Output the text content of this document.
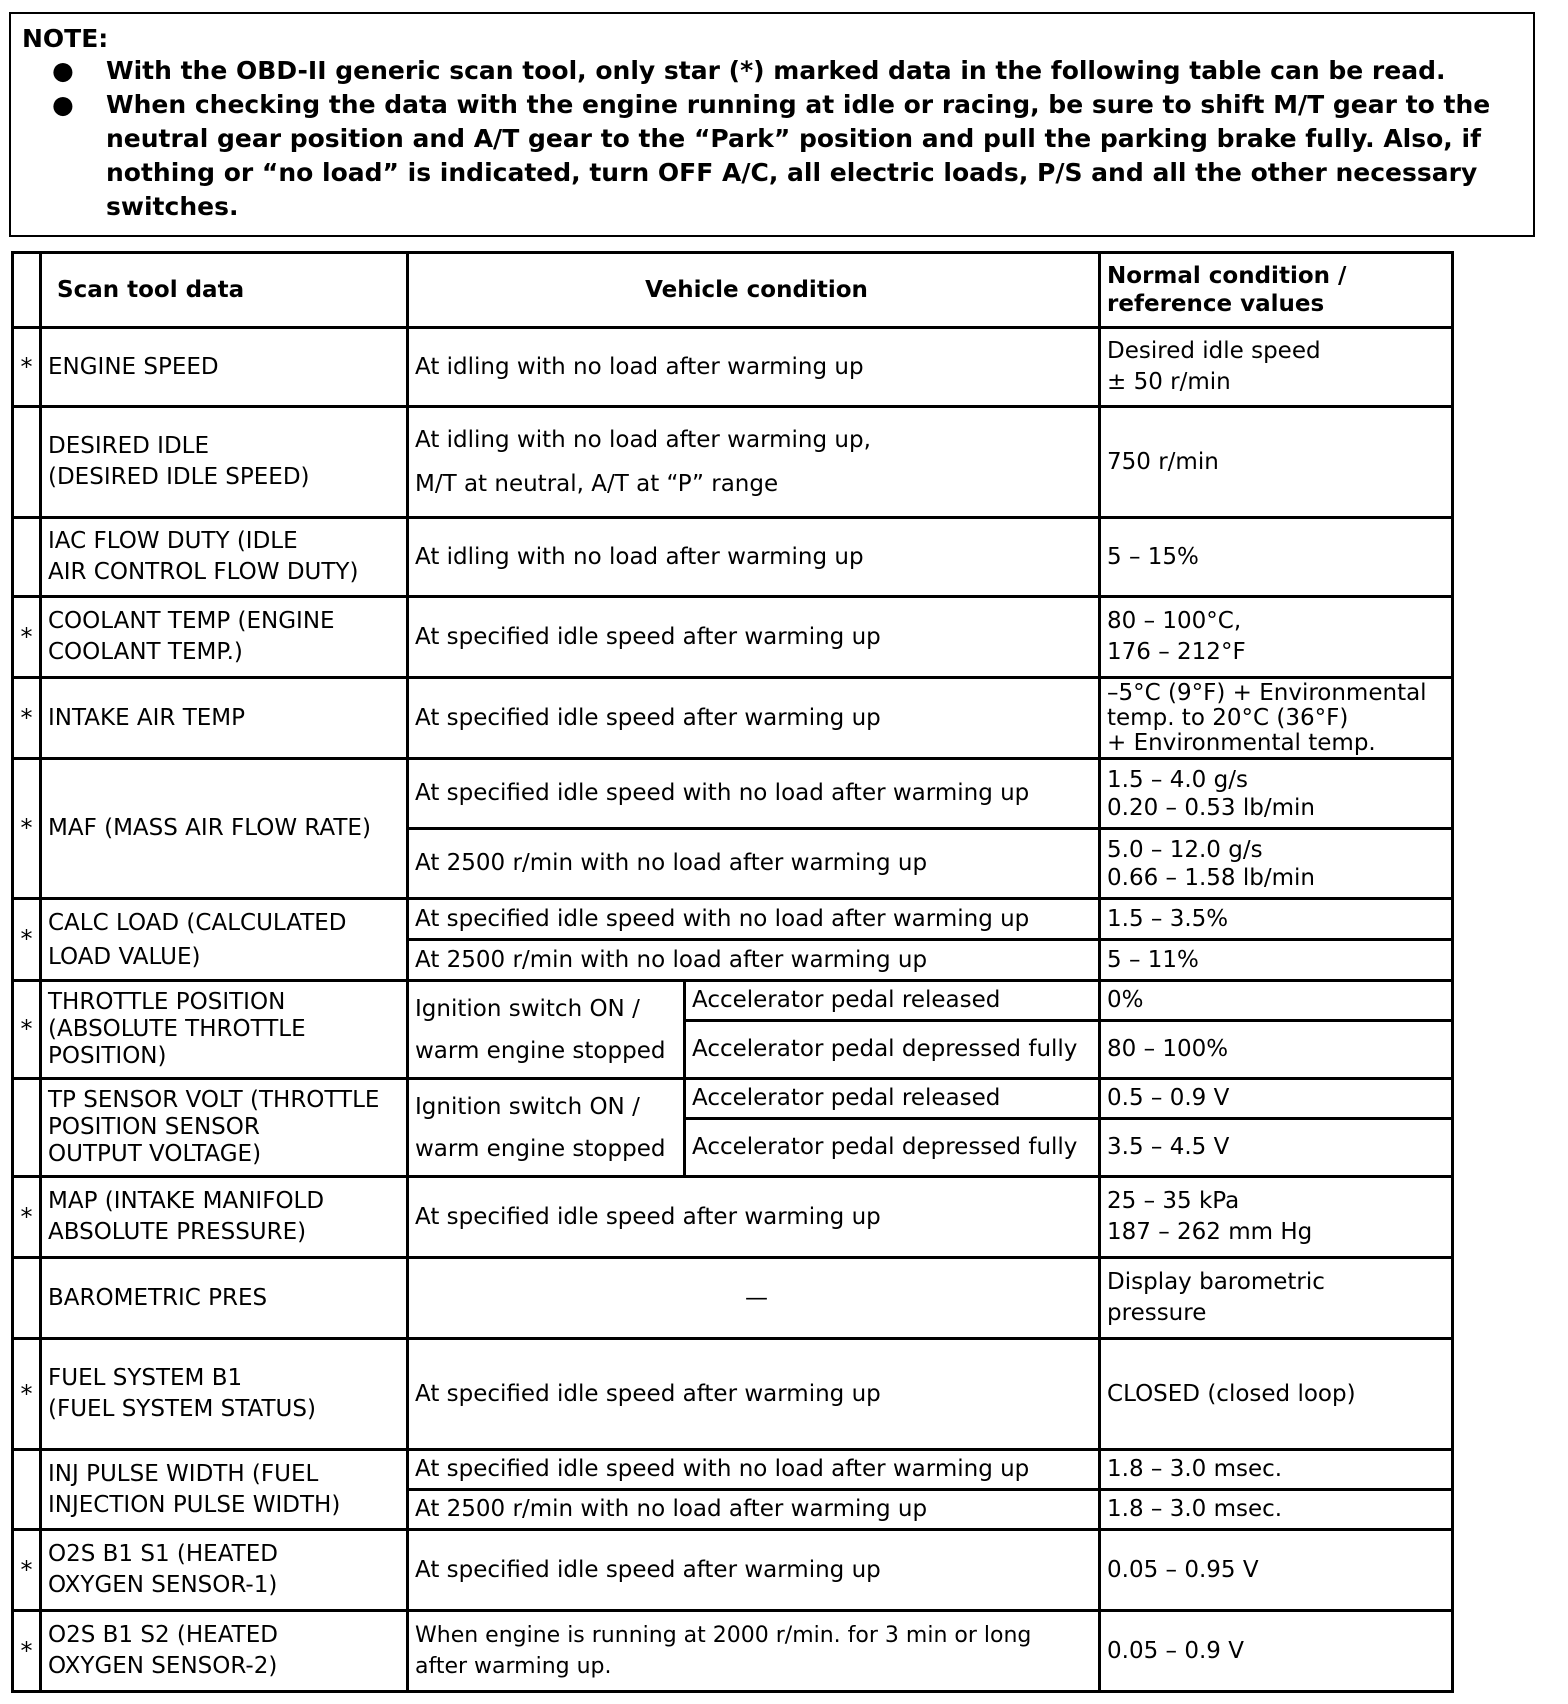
NOTE:
●	With the OBD-II generic scan tool, only star (*) marked data in the following table can be read.
●	When checking the data with the engine running at idle or racing, be sure to shift M/T gear to the neutral gear position and A/T gear to the “Park” position and pull the parking brake fully. Also, if nothing or “no load” is indicated, turn OFF A/C, all electric loads, P/S and all the other necessary switches.
	Scan tool data	Vehicle condition		Normal condition /
reference values
*	ENGINE SPEED	At idling with no load after warming up		Desired idle speed
± 50 r/min
	DESIRED IDLE
(DESIRED IDLE SPEED)	At idling with no load after warming up,
M/T at neutral, A/T at “P” range		750 r/min
	IAC FLOW DUTY (IDLE
AIR CONTROL FLOW DUTY)	At idling with no load after warming up		5 – 15%
*	COOLANT TEMP (ENGINE
COOLANT TEMP.)	At specified idle speed after warming up		80 – 100°C,
176 – 212°F
*	INTAKE AIR TEMP	At specified idle speed after warming up		–5°C (9°F) + Environmental
temp. to 20°C (36°F)
+ Environmental temp.
*	MAF (MASS AIR FLOW RATE)	At specified idle speed with no load after warming up		1.5 – 4.0 g/s
0.20 – 0.53 lb/min
		At 2500 r/min with no load after warming up		5.0 – 12.0 g/s
0.66 – 1.58 lb/min
*	CALC LOAD (CALCULATED
LOAD VALUE)	At specified idle speed with no load after warming up		1.5 – 3.5%
		At 2500 r/min with no load after warming up		5 – 11%
*	THROTTLE POSITION
(ABSOLUTE THROTTLE
POSITION)	Ignition switch ON /
warm engine stopped	Accelerator pedal released	0%
			Accelerator pedal depressed fully	80 – 100%
	TP SENSOR VOLT (THROTTLE
POSITION SENSOR
OUTPUT VOLTAGE)	Ignition switch ON /
warm engine stopped	Accelerator pedal released	0.5 – 0.9 V
			Accelerator pedal depressed fully	3.5 – 4.5 V
*	MAP (INTAKE MANIFOLD
ABSOLUTE PRESSURE)	At specified idle speed after warming up		25 – 35 kPa
187 – 262 mm Hg
	BAROMETRIC PRES	—		Display barometric
pressure
*	FUEL SYSTEM B1
(FUEL SYSTEM STATUS)	At specified idle speed after warming up		CLOSED (closed loop)
	INJ PULSE WIDTH (FUEL
INJECTION PULSE WIDTH)	At specified idle speed with no load after warming up		1.8 – 3.0 msec.
		At 2500 r/min with no load after warming up		1.8 – 3.0 msec.
*	O2S B1 S1 (HEATED
OXYGEN SENSOR-1)	At specified idle speed after warming up		0.05 – 0.95 V
*	O2S B1 S2 (HEATED
OXYGEN SENSOR-2)	When engine is running at 2000 r/min. for 3 min or long
after warming up.		0.05 – 0.9 V
